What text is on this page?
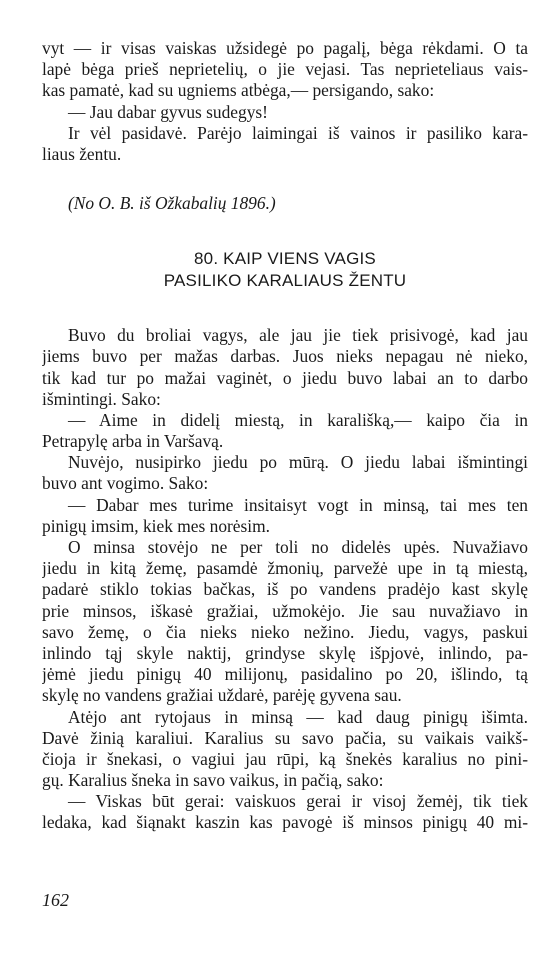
vyt — ir visas vaiskas užsidegė po pagalį, bėga rėkdami. O ta
lapė bėga prieš neprietelių, o jie vejasi. Tas neprieteliaus vais-
kas pamatė, kad su ugniems atbėga,— persigando, sako:
— Jau dabar gyvus sudegys!
Ir vėl pasidavė. Parėjo laimingai iš vainos ir pasiliko kara-
liaus žentu.
(No O. B. iš Ožkabalių 1896.)
80. KAIP VIENS VAGIS
PASILIKO KARALIAUS ŽENTU
Buvo du broliai vagys, ale jau jie tiek prisivogė, kad jau
jiems buvo per mažas darbas. Juos nieks nepagau nė nieko,
tik kad tur po mažai vaginėt, o jiedu buvo labai an to darbo
išmintingi. Sako:
— Aime in didelį miestą, in karališką,— kaipo čia in
Petrapylę arba in Varšavą.
Nuvėjo, nusipirko jiedu po mūrą. O jiedu labai išmintingi
buvo ant vogimo. Sako:
— Dabar mes turime insitaisyt vogt in minsą, tai mes ten
pinigų imsim, kiek mes norėsim.
O minsa stovėjo ne per toli no didelės upės. Nuvažiavo
jiedu in kitą žemę, pasamdė žmonių, parvežė upe in tą miestą,
padarė stiklo tokias bačkas, iš po vandens pradėjo kast skylę
prie minsos, iškasė gražiai, užmokėjo. Jie sau nuvažiavo in
savo žemę, o čia nieks nieko nežino. Jiedu, vagys, paskui
inlindo tąj skyle naktij, grindyse skylę išpjovė, inlindo, pa-
jėmė jiedu pinigų 40 milijonų, pasidalino po 20, išlindo, tą
skylę no vandens gražiai uždarė, parėję gyvena sau.
Atėjo ant rytojaus in minsą — kad daug pinigų išimta.
Davė žinią karaliui. Karalius su savo pačia, su vaikais vaikš-
čioja ir šnekasi, o vagiui jau rūpi, ką šnekės karalius no pini-
gų. Karalius šneka in savo vaikus, in pačią, sako:
— Viskas būt gerai: vaiskuos gerai ir visoj žemėj, tik tiek
ledaka, kad šiąnakt kaszin kas pavogė iš minsos pinigų 40 mi-
162
